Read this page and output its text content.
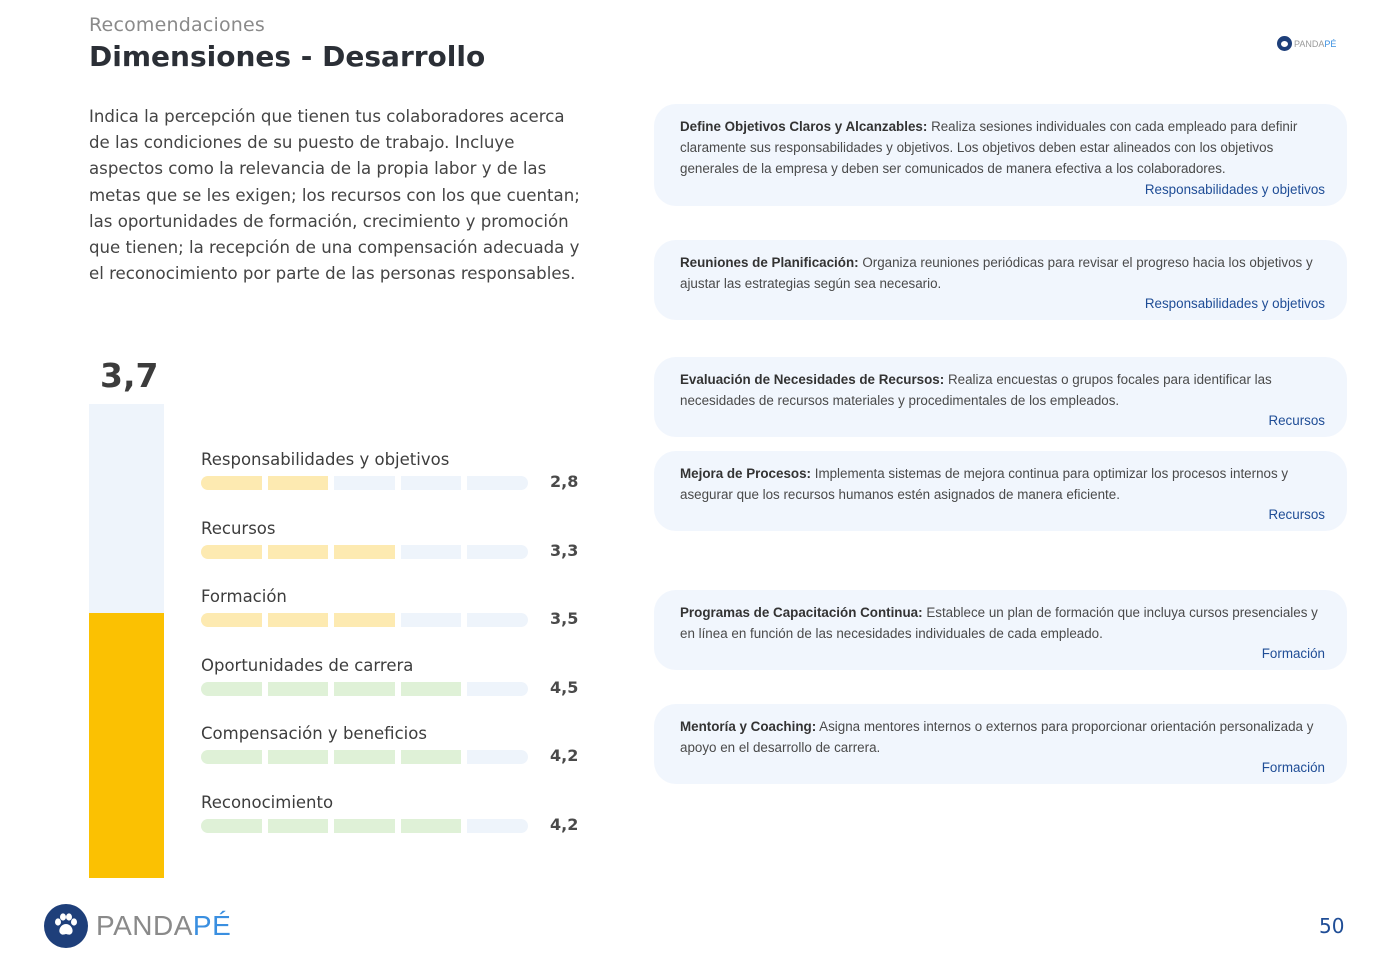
Recomendaciones
Dimensiones - Desarrollo	PANDAPÉ

Indica la percepción que tienen tus colaboradores acerca de las condiciones de su puesto de trabajo. Incluye aspectos como la relevancia de la propia labor y de las metas que se les exigen; los recursos con los que cuentan; las oportunidades de formación, crecimiento y promoción que tienen; la recepción de una compensación adecuada y el reconocimiento por parte de las personas responsables.

3,7
Responsabilidades y objetivos
2,8
Recursos
3,3
Formación
3,5
Oportunidades de carrera
4,5
Compensación y beneficios
4,2
Reconocimiento
4,2
Define Objetivos Claros y Alcanzables: Realiza sesiones individuales con cada empleado para definir claramente sus responsabilidades y objetivos. Los objetivos deben estar alineados con los objetivos generales de la empresa y deben ser comunicados de manera efectiva a los colaboradores.
Responsabilidades y objetivos
Reuniones de Planificación: Organiza reuniones periódicas para revisar el progreso hacia los objetivos y ajustar las estrategias según sea necesario.
Responsabilidades y objetivos
Evaluación de Necesidades de Recursos: Realiza encuestas o grupos focales para identificar las necesidades de recursos materiales y procedimentales de los empleados.
Recursos
Mejora de Procesos: Implementa sistemas de mejora continua para optimizar los procesos internos y asegurar que los recursos humanos estén asignados de manera eficiente.
Recursos
Programas de Capacitación Continua: Establece un plan de formación que incluya cursos presenciales y en línea en función de las necesidades individuales de cada empleado.
Formación
Mentoría y Coaching: Asigna mentores internos o externos para proporcionar orientación personalizada y apoyo en el desarrollo de carrera.
Formación
PANDAPÉ	50
